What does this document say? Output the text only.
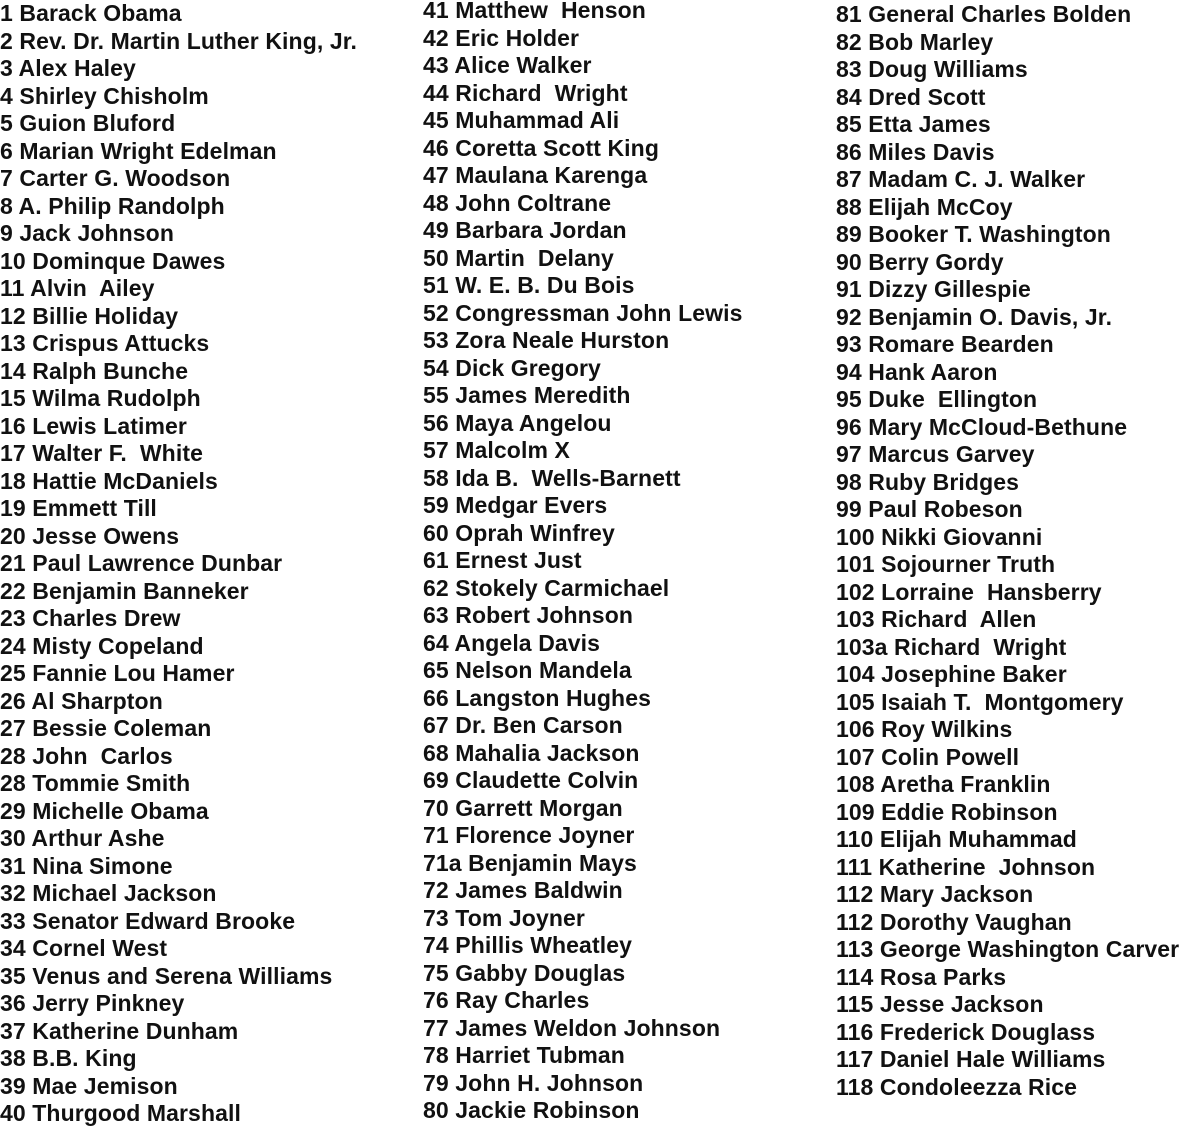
1 Barack Obama
2 Rev. Dr. Martin Luther King, Jr.
3 Alex Haley
4 Shirley Chisholm
5 Guion Bluford
6 Marian Wright Edelman
7 Carter G. Woodson
8 A. Philip Randolph
9 Jack Johnson
10 Dominque Dawes
11 Alvin  Ailey
12 Billie Holiday
13 Crispus Attucks
14 Ralph Bunche
15 Wilma Rudolph
16 Lewis Latimer
17 Walter F.  White
18 Hattie McDaniels
19 Emmett Till
20 Jesse Owens
21 Paul Lawrence Dunbar
22 Benjamin Banneker
23 Charles Drew
24 Misty Copeland
25 Fannie Lou Hamer
26 Al Sharpton
27 Bessie Coleman
28 John  Carlos
28 Tommie Smith
29 Michelle Obama
30 Arthur Ashe
31 Nina Simone
32 Michael Jackson
33 Senator Edward Brooke
34 Cornel West
35 Venus and Serena Williams
36 Jerry Pinkney
37 Katherine Dunham
38 B.B. King
39 Mae Jemison
40 Thurgood Marshall
41 Matthew  Henson
42 Eric Holder
43 Alice Walker
44 Richard  Wright
45 Muhammad Ali
46 Coretta Scott King
47 Maulana Karenga
48 John Coltrane
49 Barbara Jordan
50 Martin  Delany
51 W. E. B. Du Bois
52 Congressman John Lewis
53 Zora Neale Hurston
54 Dick Gregory
55 James Meredith
56 Maya Angelou
57 Malcolm X
58 Ida B.  Wells-Barnett
59 Medgar Evers
60 Oprah Winfrey
61 Ernest Just
62 Stokely Carmichael
63 Robert Johnson
64 Angela Davis
65 Nelson Mandela
66 Langston Hughes
67 Dr. Ben Carson
68 Mahalia Jackson
69 Claudette Colvin
70 Garrett Morgan
71 Florence Joyner
71a Benjamin Mays
72 James Baldwin
73 Tom Joyner
74 Phillis Wheatley
75 Gabby Douglas
76 Ray Charles
77 James Weldon Johnson
78 Harriet Tubman
79 John H. Johnson
80 Jackie Robinson
81 General Charles Bolden
82 Bob Marley
83 Doug Williams
84 Dred Scott
85 Etta James
86 Miles Davis
87 Madam C. J. Walker
88 Elijah McCoy
89 Booker T. Washington
90 Berry Gordy
91 Dizzy Gillespie
92 Benjamin O. Davis, Jr.
93 Romare Bearden
94 Hank Aaron
95 Duke  Ellington
96 Mary McCloud-Bethune
97 Marcus Garvey
98 Ruby Bridges
99 Paul Robeson
100 Nikki Giovanni
101 Sojourner Truth
102 Lorraine  Hansberry
103 Richard  Allen
103a Richard  Wright
104 Josephine Baker
105 Isaiah T.  Montgomery
106 Roy Wilkins
107 Colin Powell
108 Aretha Franklin
109 Eddie Robinson
110 Elijah Muhammad
111 Katherine  Johnson
112 Mary Jackson
112 Dorothy Vaughan
113 George Washington Carver
114 Rosa Parks
115 Jesse Jackson
116 Frederick Douglass
117 Daniel Hale Williams
118 Condoleezza Rice
